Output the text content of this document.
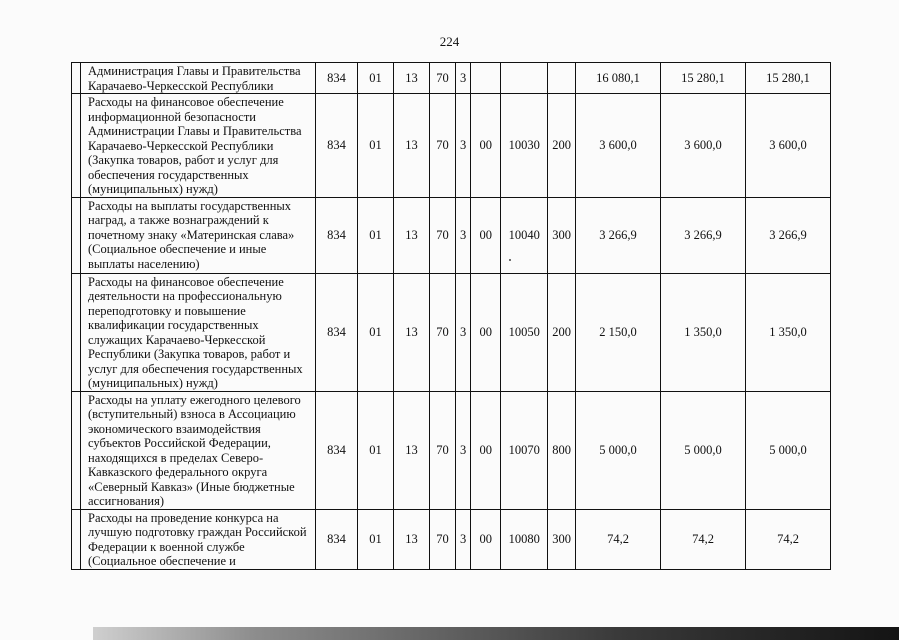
224
	Администрация Главы и Правительства Карачаево-Черкесской Республики	834	01	13	70	3				16 080,1	15 280,1	15 280,1
	Расходы на финансовое обеспечение информационной безопасности Администрации Главы и Правительства Карачаево-Черкесской Республики (Закупка товаров, работ и услуг для обеспечения государственных (муниципальных) нужд)	834	01	13	70	3	00	10030	200	3 600,0	3 600,0	3 600,0
	Расходы на выплаты государственных наград, а также вознаграждений к почетному знаку «Материнская слава» (Социальное обеспечение и иные выплаты населению)	834	01	13	70	3	00	10040	300	3 266,9	3 266,9	3 266,9
	Расходы на финансовое обеспечение деятельности на профессиональную переподготовку и повышение квалификации государственных служащих Карачаево-Черкесской Республики (Закупка товаров, работ и услуг для обеспечения государственных (муниципальных) нужд)	834	01	13	70	3	00	10050	200	2 150,0	1 350,0	1 350,0
	Расходы на уплату ежегодного целевого (вступительный) взноса в Ассоциацию экономического взаимодействия субъектов Российской Федерации, находящихся в пределах Северо-Кавказского федерального округа «Северный Кавказ» (Иные бюджетные ассигнования)	834	01	13	70	3	00	10070	800	5 000,0	5 000,0	5 000,0
	Расходы на проведение конкурса на лучшую подготовку граждан Российской Федерации к военной службе (Социальное обеспечение и	834	01	13	70	3	00	10080	300	74,2	74,2	74,2
